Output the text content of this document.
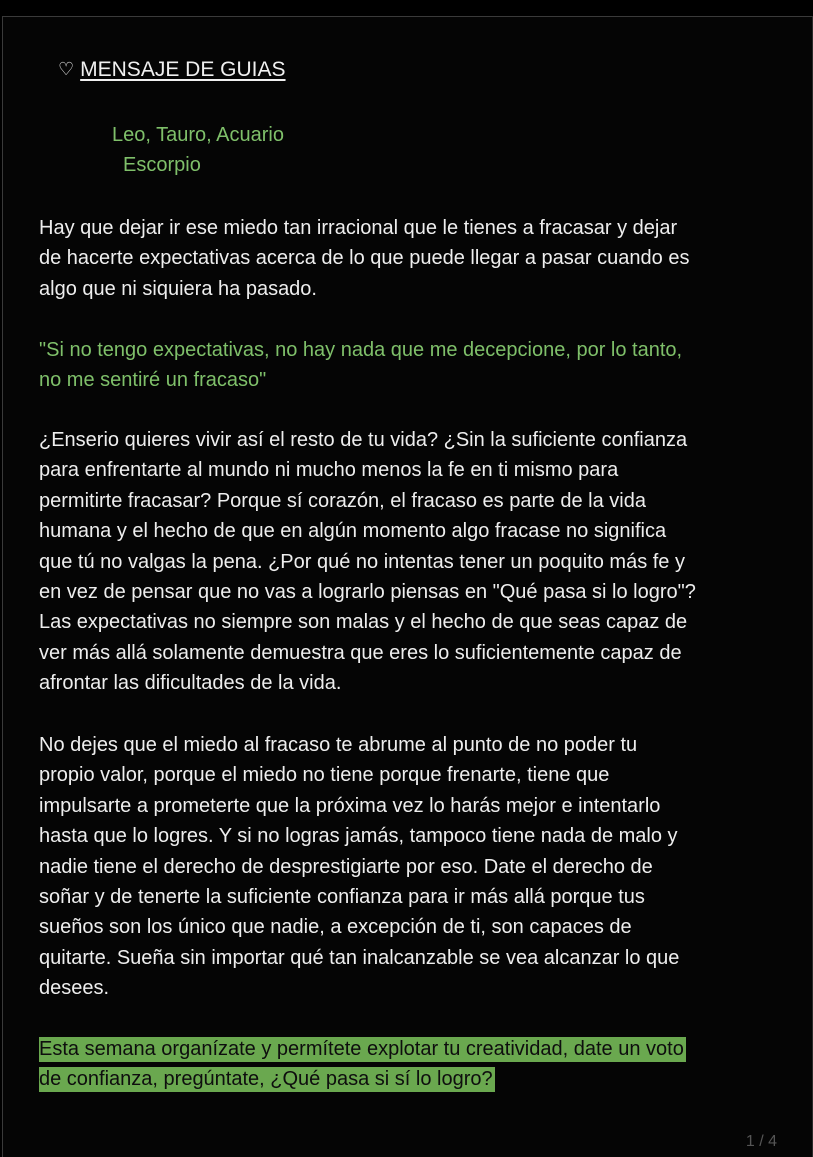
♡ MENSAJE DE GUIAS
Leo, Tauro, Acuario
Escorpio
Hay que dejar ir ese miedo tan irracional que le tienes a fracasar y dejar
de hacerte expectativas acerca de lo que puede llegar a pasar cuando es
algo que ni siquiera ha pasado.
"Si no tengo expectativas, no hay nada que me decepcione, por lo tanto,
no me sentiré un fracaso"
¿Enserio quieres vivir así el resto de tu vida? ¿Sin la suficiente confianza
para enfrentarte al mundo ni mucho menos la fe en ti mismo para
permitirte fracasar? Porque sí corazón, el fracaso es parte de la vida
humana y el hecho de que en algún momento algo fracase no significa
que tú no valgas la pena. ¿Por qué no intentas tener un poquito más fe y
en vez de pensar que no vas a lograrlo piensas en "Qué pasa si lo logro"?
Las expectativas no siempre son malas y el hecho de que seas capaz de
ver más allá solamente demuestra que eres lo suficientemente capaz de
afrontar las dificultades de la vida.
No dejes que el miedo al fracaso te abrume al punto de no poder tu
propio valor, porque el miedo no tiene porque frenarte, tiene que
impulsarte a prometerte que la próxima vez lo harás mejor e intentarlo
hasta que lo logres. Y si no logras jamás, tampoco tiene nada de malo y
nadie tiene el derecho de desprestigiarte por eso. Date el derecho de
soñar y de tenerte la suficiente confianza para ir más allá porque tus
sueños son los único que nadie, a excepción de ti, son capaces de
quitarte. Sueña sin importar qué tan inalcanzable se vea alcanzar lo que
desees.
Esta semana organízate y permítete explotar tu creatividad, date un voto
de confianza, pregúntate, ¿Qué pasa si sí lo logro?
1 / 4
